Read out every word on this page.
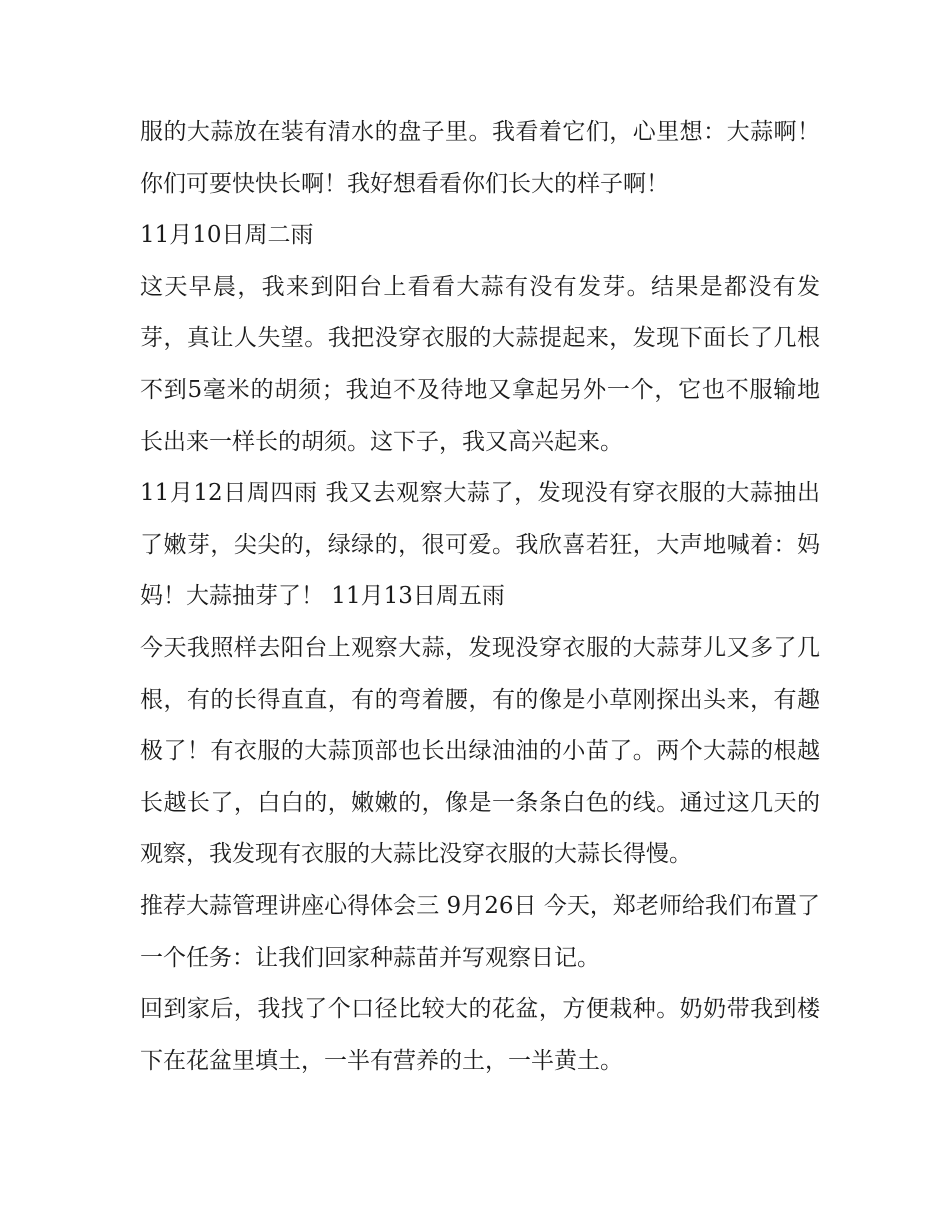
服的大蒜放在装有清水的盘子里。我看着它们，心里想：大蒜啊！你们可要快快长啊！我好想看看你们长大的样子啊！

11月10日周二雨

这天早晨，我来到阳台上看看大蒜有没有发芽。结果是都没有发芽，真让人失望。我把没穿衣服的大蒜提起来，发现下面长了几根不到5毫米的胡须；我迫不及待地又拿起另外一个，它也不服输地长出来一样长的胡须。这下子，我又高兴起来。

11月12日周四雨 我又去观察大蒜了，发现没有穿衣服的大蒜抽出了嫩芽，尖尖的，绿绿的，很可爱。我欣喜若狂，大声地喊着：妈妈！大蒜抽芽了！ 11月13日周五雨

今天我照样去阳台上观察大蒜，发现没穿衣服的大蒜芽儿又多了几根，有的长得直直，有的弯着腰，有的像是小草刚探出头来，有趣极了！有衣服的大蒜顶部也长出绿油油的小苗了。两个大蒜的根越长越长了，白白的，嫩嫩的，像是一条条白色的线。通过这几天的观察，我发现有衣服的大蒜比没穿衣服的大蒜长得慢。

推荐大蒜管理讲座心得体会三 9月26日 今天，郑老师给我们布置了一个任务：让我们回家种蒜苗并写观察日记。

回到家后，我找了个口径比较大的花盆，方便栽种。奶奶带我到楼下在花盆里填土，一半有营养的土，一半黄土。
